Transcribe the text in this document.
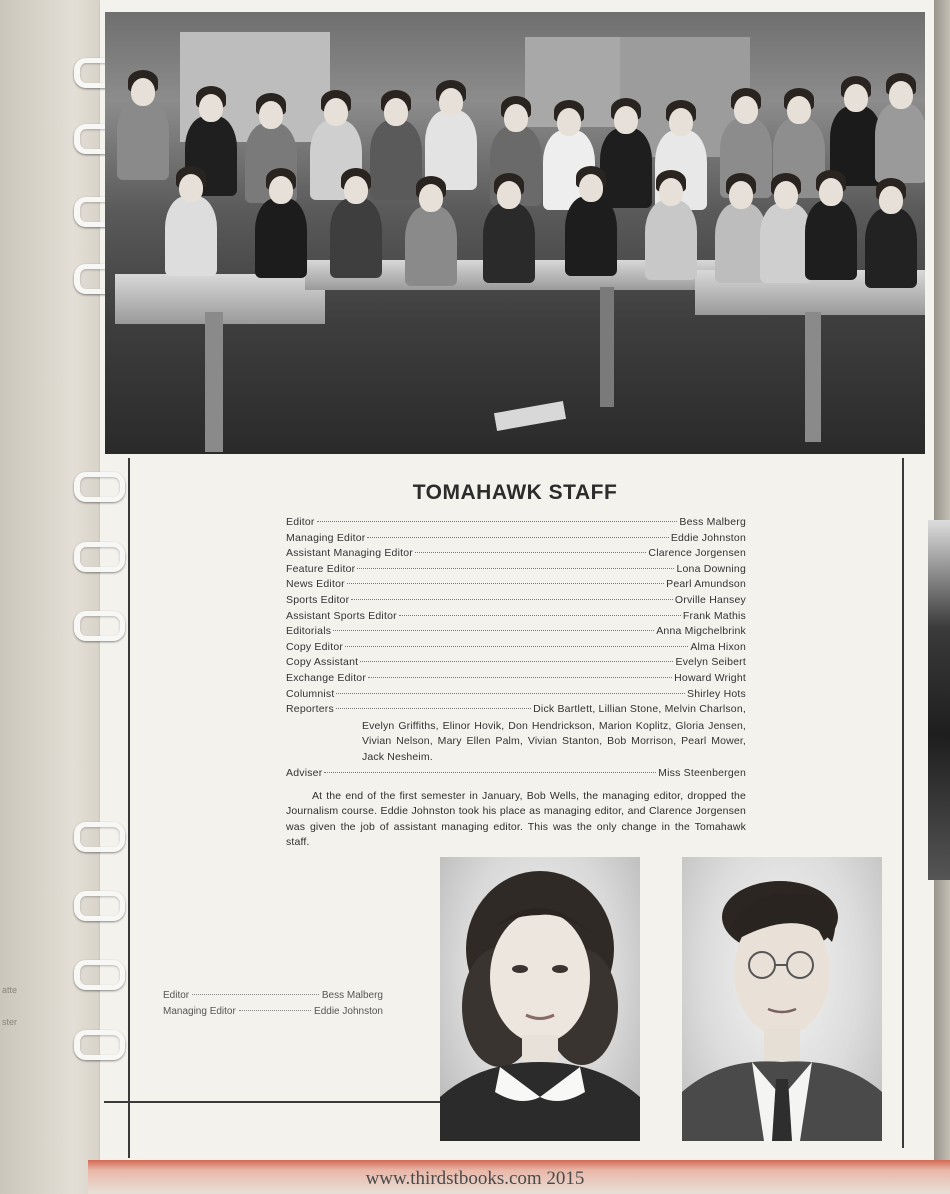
atte
ster
TOMAHAWK STAFF
Editor	Bess Malberg
Managing Editor	Eddie Johnston
Assistant Managing Editor	Clarence Jorgensen
Feature Editor	Lona Downing
News Editor	Pearl Amundson
Sports Editor	Orville Hansey
Assistant Sports Editor	Frank Mathis
Editorials	Anna Migchelbrink
Copy Editor	Alma Hixon
Copy Assistant	Evelyn Seibert
Exchange Editor	Howard Wright
Columnist	Shirley Hots
Reporters	Dick Bartlett, Lillian Stone, Melvin Charlson,
Evelyn Griffiths, Elinor Hovik, Don Hendrickson, Marion Koplitz, Gloria Jensen, Vivian Nelson, Mary Ellen Palm, Vivian Stanton, Bob Morrison, Pearl Mower, Jack Nesheim.
Adviser	Miss Steenbergen
At the end of the first semester in January, Bob Wells, the managing editor, dropped the Journalism course. Eddie Johnston took his place as managing editor, and Clarence Jorgensen was given the job of assistant managing editor. This was the only change in the Tomahawk staff.
Editor	Bess Malberg
Managing Editor	Eddie Johnston
www.thirdstbooks.com 2015
